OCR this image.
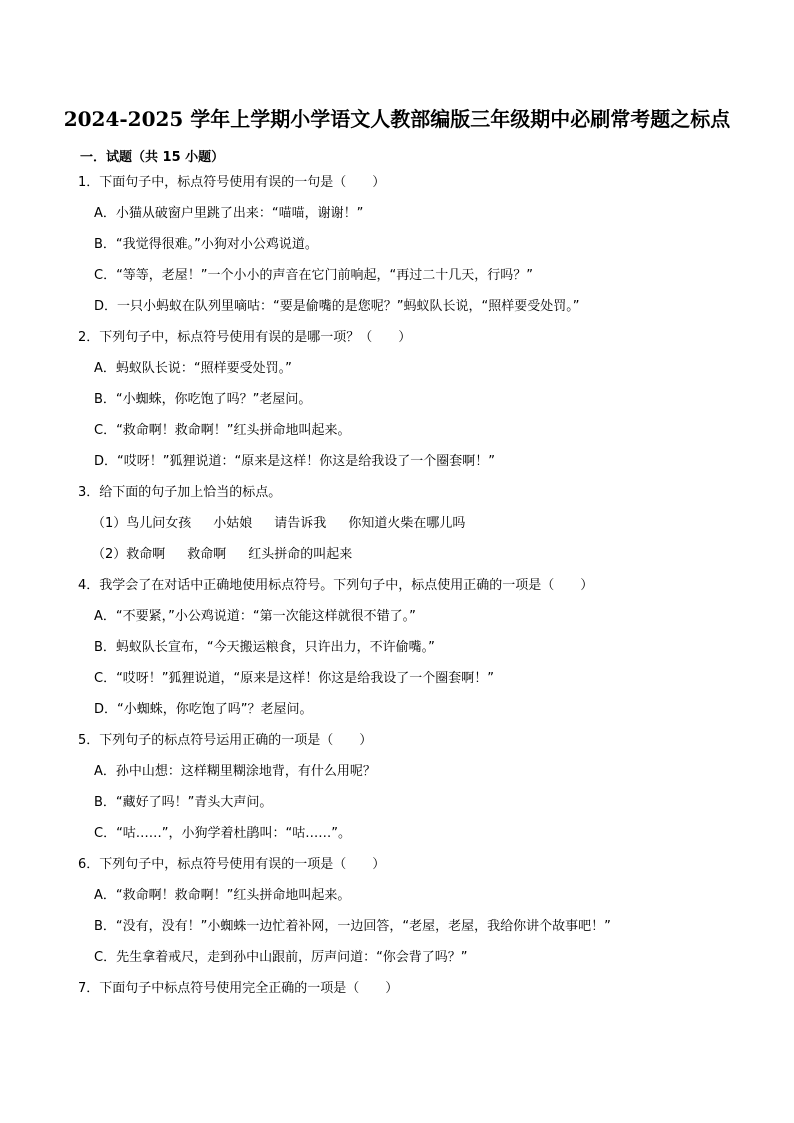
2024-2025 学年上学期小学语文人教部编版三年级期中必刷常考题之标点
一．试题（共 15 小题）
1．下面句子中，标点符号使用有误的一句是（　　）
A．小猫从破窗户里跳了出来：“喵喵，谢谢！”
B．“我觉得很难。”小狗对小公鸡说道。
C．“等等，老屋！”一个小小的声音在它门前响起，“再过二十几天，行吗？”
D．一只小蚂蚁在队列里嘀咕：“要是偷嘴的是您呢？”蚂蚁队长说，“照样要受处罚。”
2．下列句子中，标点符号使用有误的是哪一项？（　　）
A．蚂蚁队长说：“照样要受处罚。”
B．“小蜘蛛，你吃饱了吗？”老屋问。
C．“救命啊！救命啊！”红头拼命地叫起来。
D．“哎呀！”狐狸说道：“原来是这样！你这是给我设了一个圈套啊！”
3．给下面的句子加上恰当的标点。
（1）鸟儿问女孩 小姑娘 请告诉我 你知道火柴在哪儿吗
（2）救命啊 救命啊 红头拼命的叫起来
4．我学会了在对话中正确地使用标点符号。下列句子中，标点使用正确的一项是（　　）
A．“不要紧，”小公鸡说道：“第一次能这样就很不错了。”
B．蚂蚁队长宣布，“今天搬运粮食，只许出力，不许偷嘴。”
C．“哎呀！”狐狸说道，“原来是这样！你这是给我设了一个圈套啊！”
D．“小蜘蛛，你吃饱了吗”？老屋问。
5．下列句子的标点符号运用正确的一项是（　　）
A．孙中山想：这样糊里糊涂地背，有什么用呢？
B．“藏好了吗！”青头大声问。
C．“咕……”，小狗学着杜鹃叫：“咕……”。
6．下列句子中，标点符号使用有误的一项是（　　）
A．“救命啊！救命啊！”红头拼命地叫起来。
B．“没有，没有！”小蜘蛛一边忙着补网，一边回答，“老屋，老屋，我给你讲个故事吧！”
C．先生拿着戒尺，走到孙中山跟前，厉声问道：“你会背了吗？”
7．下面句子中标点符号使用完全正确的一项是（　　）
